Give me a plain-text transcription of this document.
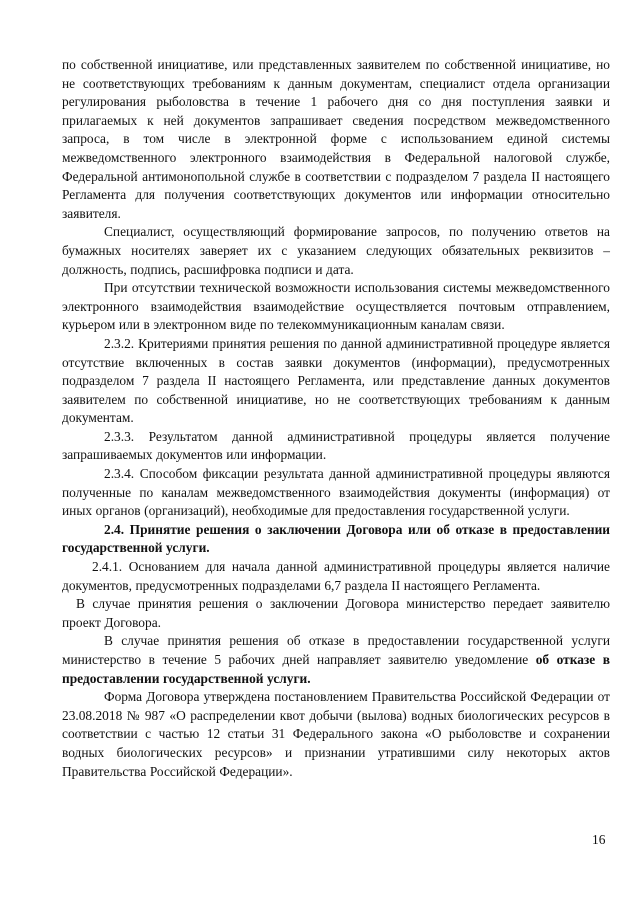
по собственной инициативе, или представленных заявителем по собственной инициативе, но не соответствующих требованиям к данным документам, специалист отдела организации регулирования рыболовства в течение 1 рабочего дня со дня поступления заявки и прилагаемых к ней документов запрашивает сведения посредством межведомственного запроса, в том числе в электронной форме с использованием единой системы межведомственного электронного взаимодействия в Федеральной налоговой службе, Федеральной антимонопольной службе в соответствии с подразделом 7 раздела II настоящего Регламента для получения соответствующих документов или информации относительно заявителя.

Специалист, осуществляющий формирование запросов, по получению ответов на бумажных носителях заверяет их с указанием следующих обязательных реквизитов – должность, подпись, расшифровка подписи и дата.

При отсутствии технической возможности использования системы межведомственного электронного взаимодействия взаимодействие осуществляется почтовым отправлением, курьером или в электронном виде по телекоммуникационным каналам связи.

2.3.2. Критериями принятия решения по данной административной процедуре является отсутствие включенных в состав заявки документов (информации), предусмотренных подразделом 7 раздела II настоящего Регламента, или представление данных документов заявителем по собственной инициативе, но не соответствующих требованиям к данным документам.

2.3.3. Результатом данной административной процедуры является получение запрашиваемых документов или информации.

2.3.4. Способом фиксации результата данной административной процедуры являются полученные по каналам межведомственного взаимодействия документы (информация) от иных органов (организаций), необходимые для предоставления государственной услуги.

2.4. Принятие решения о заключении Договора или об отказе в предоставлении государственной услуги.

2.4.1. Основанием для начала данной административной процедуры является наличие документов, предусмотренных подразделами 6,7 раздела II настоящего Регламента.

В случае принятия решения о заключении Договора министерство передает заявителю проект Договора.

В случае принятия решения об отказе в предоставлении государственной услуги министерство в течение 5 рабочих дней направляет заявителю уведомление об отказе в предоставлении государственной услуги.

Форма Договора утверждена постановлением Правительства Российской Федерации от 23.08.2018 № 987 «О распределении квот добычи (вылова) водных биологических ресурсов в соответствии с частью 12 статьи 31 Федерального закона «О рыболовстве и сохранении водных биологических ресурсов» и признании утратившими силу некоторых актов Правительства Российской Федерации».

16
